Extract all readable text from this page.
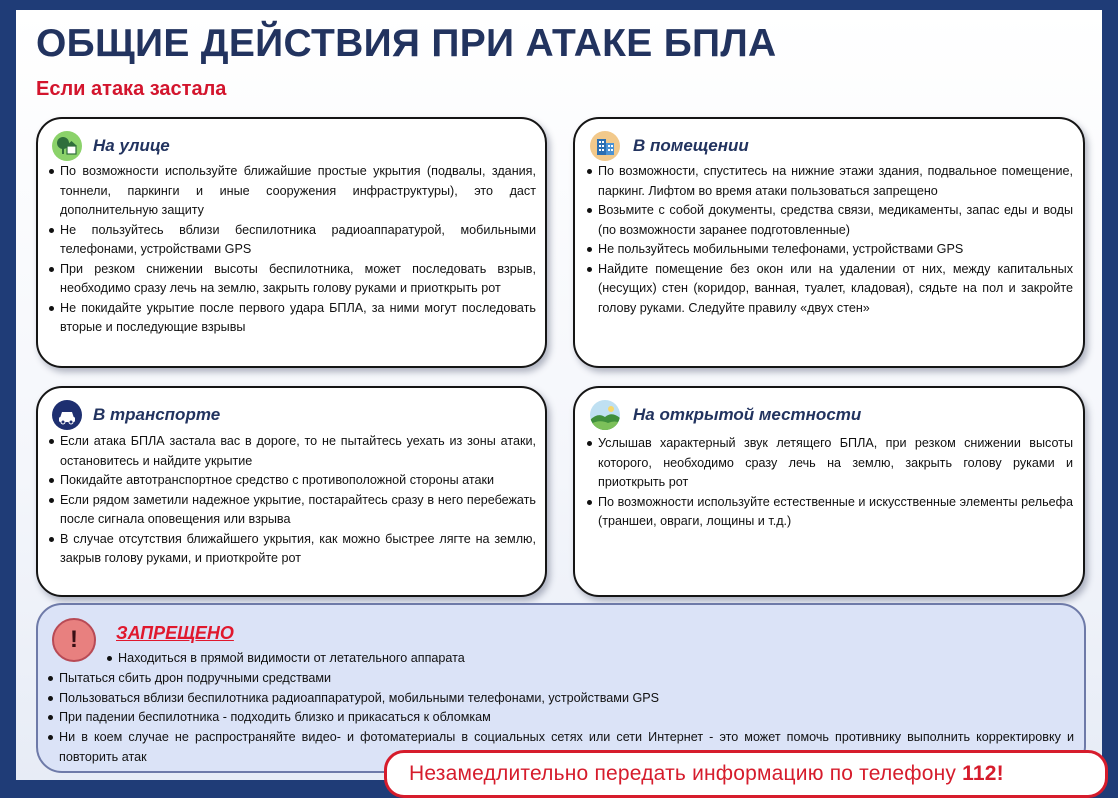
ОБЩИЕ ДЕЙСТВИЯ ПРИ АТАКЕ БПЛА
Если атака застала
На улице
По возможности используйте ближайшие простые укрытия (подвалы, здания, тоннели, паркинги и иные сооружения инфраструктуры), это даст дополнительную защиту
Не пользуйтесь вблизи беспилотника радиоаппаратурой, мобильными телефонами, устройствами GPS
При резком снижении высоты беспилотника, может последовать взрыв, необходимо сразу лечь на землю, закрыть голову руками и приоткрыть рот
Не покидайте укрытие после первого удара БПЛА, за ними могут последовать вторые и последующие взрывы
В помещении
По возможности, спуститесь на нижние этажи здания, подвальное помещение, паркинг. Лифтом во время атаки пользоваться запрещено
Возьмите с собой документы, средства связи, медикаменты, запас еды и воды (по возможности заранее подготовленные)
Не пользуйтесь мобильными телефонами, устройствами GPS
Найдите помещение без окон или на удалении от них, между капитальных (несущих) стен (коридор, ванная, туалет, кладовая), сядьте на пол и закройте голову руками. Следуйте правилу «двух стен»
В транспорте
Если атака БПЛА застала вас в дороге, то не пытайтесь уехать из зоны атаки, остановитесь и найдите укрытие
Покидайте автотранспортное средство с противоположной стороны атаки
Если рядом заметили надежное укрытие, постарайтесь сразу в него перебежать после сигнала оповещения или взрыва
В случае отсутствия ближайшего укрытия, как можно быстрее лягте на землю, закрыв голову руками, и приоткройте рот
На открытой местности
Услышав характерный звук летящего БПЛА, при резком снижении высоты которого, необходимо сразу лечь на землю, закрыть голову руками и приоткрыть рот
По возможности используйте естественные и искусственные элементы рельефа (траншеи, овраги, лощины и т.д.)
!	ЗАПРЕЩЕНО
Находиться в прямой видимости от летательного аппарата
Пытаться сбить дрон подручными средствами
Пользоваться вблизи беспилотника радиоаппаратурой, мобильными телефонами, устройствами GPS
При падении беспилотника - подходить близко и прикасаться к обломкам
Ни в коем случае не распространяйте видео- и фотоматериалы в социальных сетях или сети Интернет - это может помочь противнику выполнить корректировку и повторить атак
Незамедлительно передать информацию по телефону 112!
